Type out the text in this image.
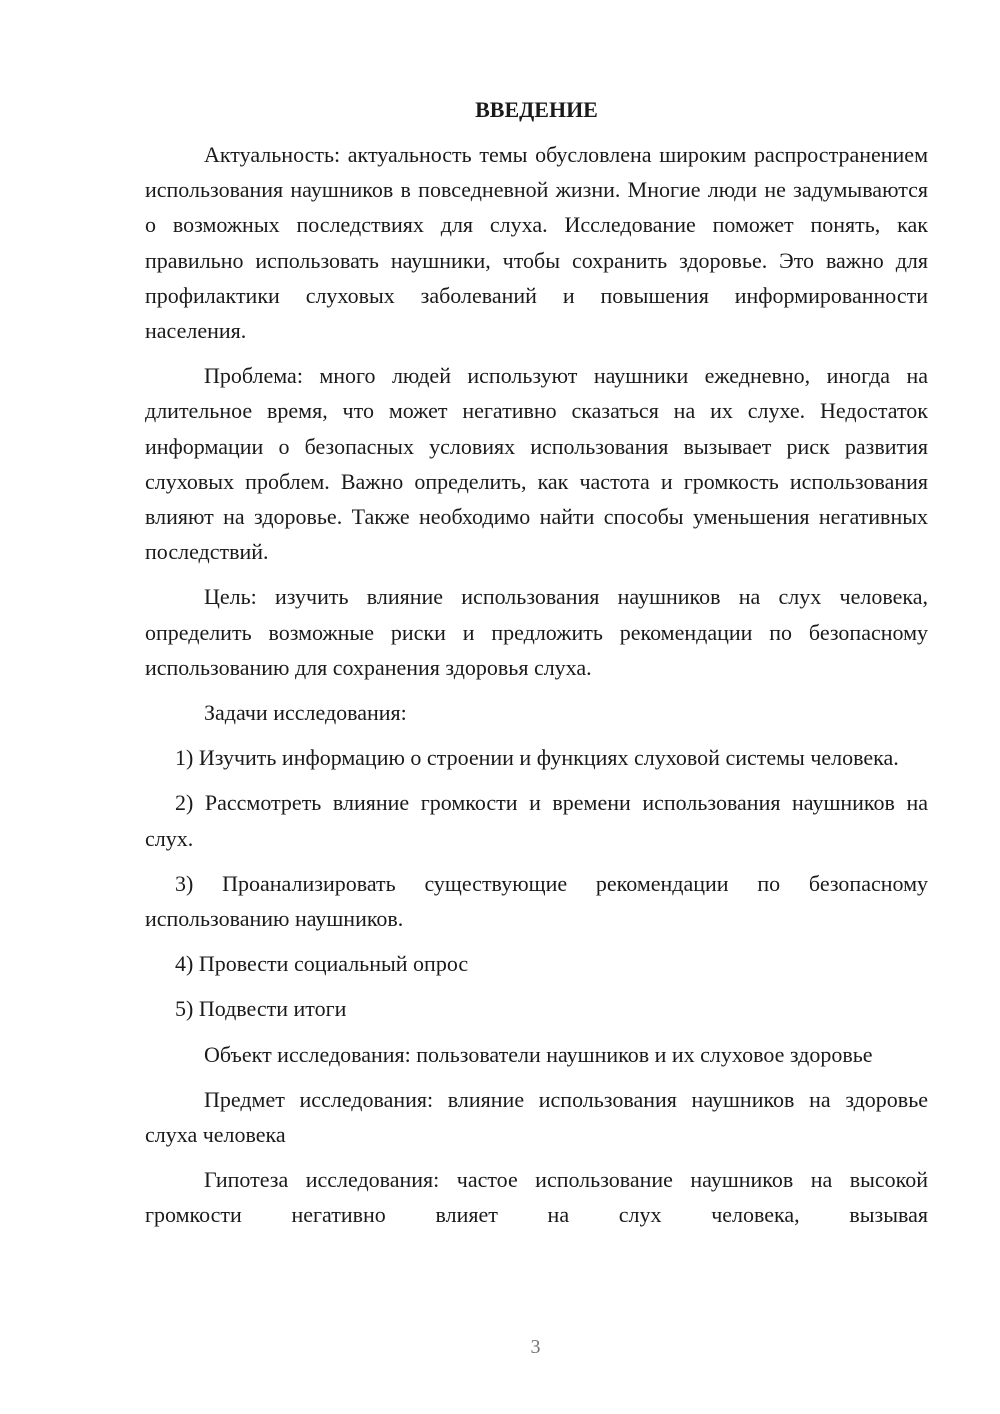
ВВЕДЕНИЕ

Актуальность: актуальность темы обусловлена широким распространением использования наушников в повседневной жизни. Многие люди не задумываются о возможных последствиях для слуха. Исследование поможет понять, как правильно использовать наушники, чтобы сохранить здоровье. Это важно для профилактики слуховых заболеваний и повышения информированности населения.

Проблема: много людей используют наушники ежедневно, иногда на длительное время, что может негативно сказаться на их слухе. Недостаток информации о безопасных условиях использования вызывает риск развития слуховых проблем. Важно определить, как частота и громкость использования влияют на здоровье. Также необходимо найти способы уменьшения негативных последствий.

Цель: изучить влияние использования наушников на слух человека, определить возможные риски и предложить рекомендации по безопасному использованию для сохранения здоровья слуха.

Задачи исследования:

1) Изучить информацию о строении и функциях слуховой системы человека.

2) Рассмотреть влияние громкости и времени использования наушников на слух.

3) Проанализировать существующие рекомендации по безопасному использованию наушников.

4) Провести социальный опрос

5) Подвести итоги

Объект исследования: пользователи наушников и их слуховое здоровье

Предмет исследования: влияние использования наушников на здоровье слуха человека

Гипотеза исследования: частое использование наушников на высокой громкости негативно влияет на слух человека, вызывая

3
